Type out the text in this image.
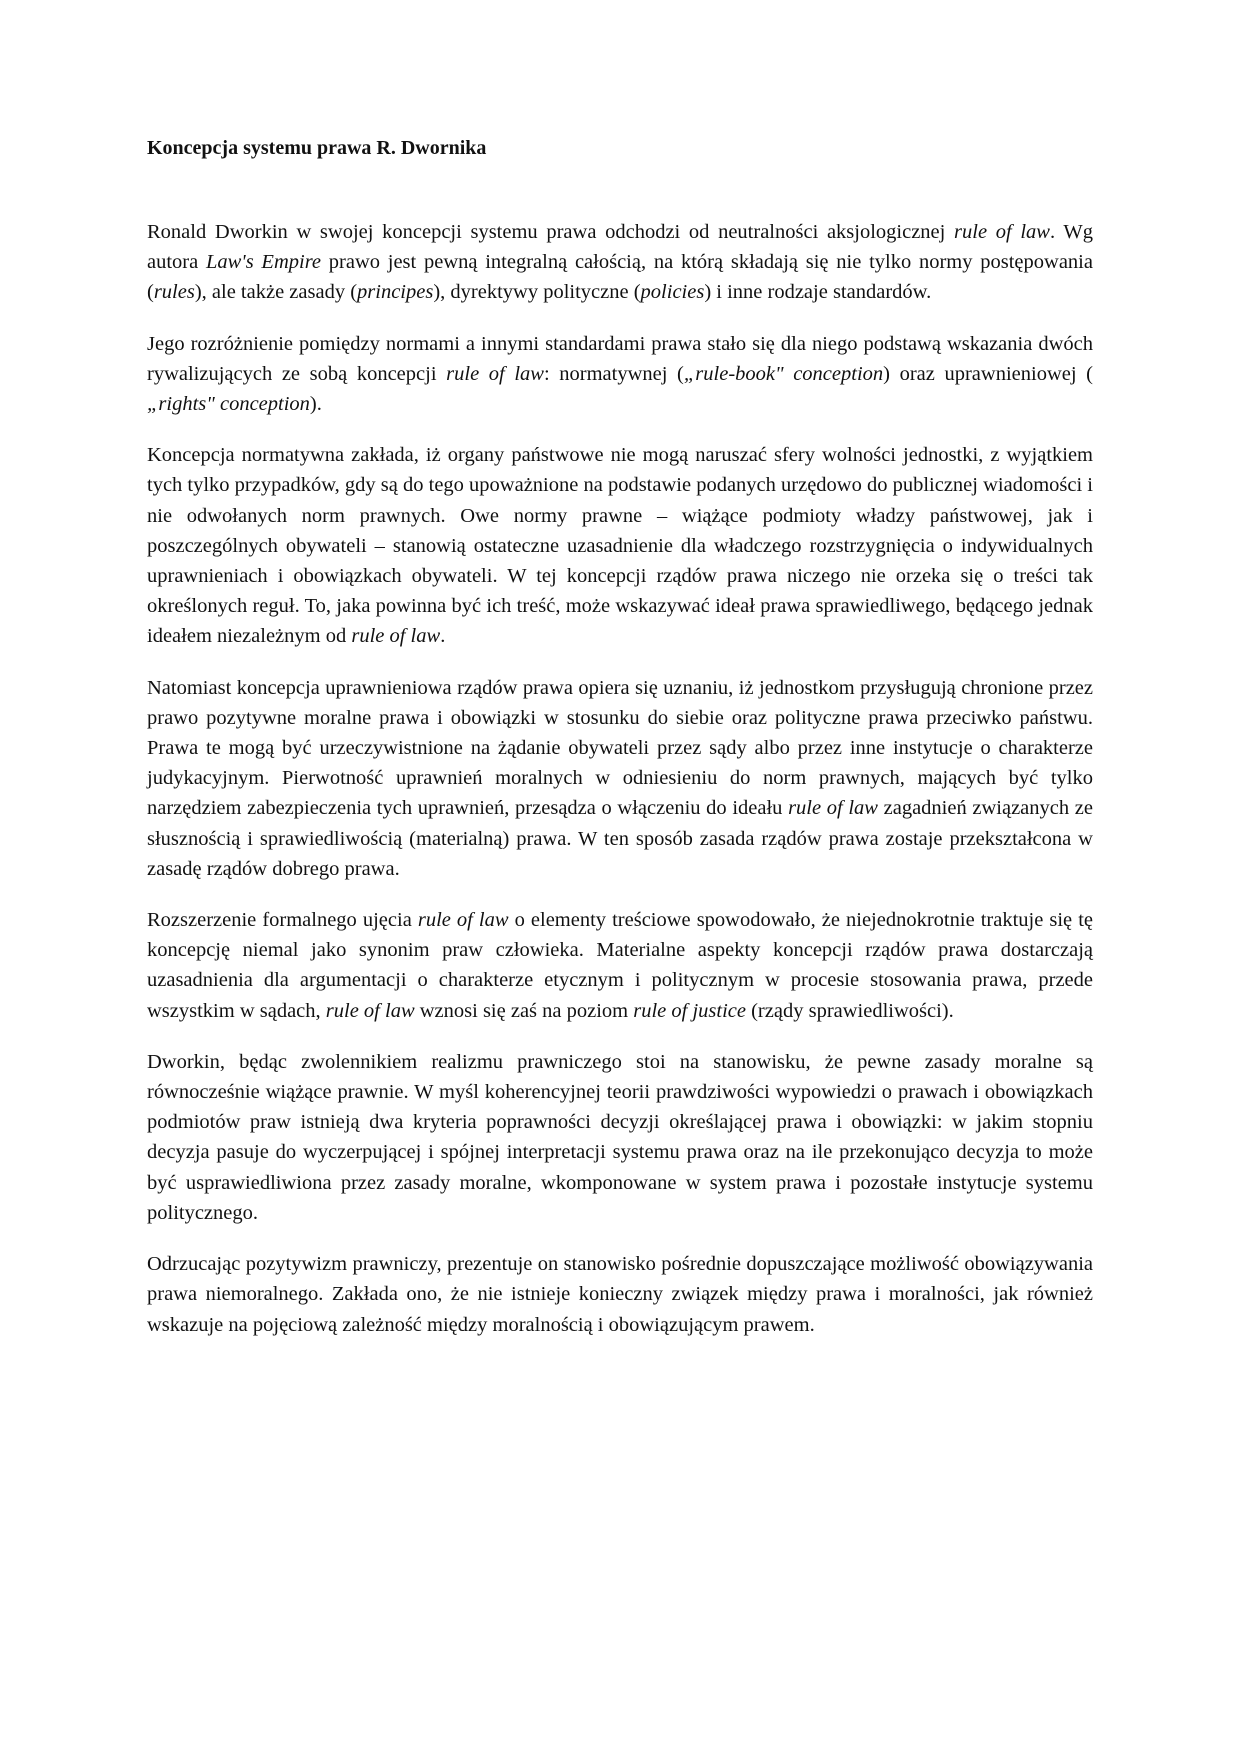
Koncepcja systemu prawa R. Dwornika

Ronald Dworkin w swojej koncepcji systemu prawa odchodzi od neutralności aksjologicznej rule of law. Wg autora Law's Empire prawo jest pewną integralną całością, na którą składają się nie tylko normy postępowania (rules), ale także zasady (principes), dyrektywy polityczne (policies) i inne rodzaje standardów.

Jego rozróżnienie pomiędzy normami a innymi standardami prawa stało się dla niego podstawą wskazania dwóch rywalizujących ze sobą koncepcji rule of law: normatywnej („rule-book" conception) oraz uprawnieniowej ( „rights" conception).

Koncepcja normatywna zakłada, iż organy państwowe nie mogą naruszać sfery wolności jednostki, z wyjątkiem tych tylko przypadków, gdy są do tego upoważnione na podstawie podanych urzędowo do publicznej wiadomości i nie odwołanych norm prawnych. Owe normy prawne – wiążące podmioty władzy państwowej, jak i poszczególnych obywateli – stanowią ostateczne uzasadnienie dla władczego rozstrzygnięcia o indywidualnych uprawnieniach i obowiązkach obywateli. W tej koncepcji rządów prawa niczego nie orzeka się o treści tak określonych reguł. To, jaka powinna być ich treść, może wskazywać ideał prawa sprawiedliwego, będącego jednak ideałem niezależnym od rule of law.

Natomiast koncepcja uprawnieniowa rządów prawa opiera się uznaniu, iż jednostkom przysługują chronione przez prawo pozytywne moralne prawa i obowiązki w stosunku do siebie oraz polityczne prawa przeciwko państwu. Prawa te mogą być urzeczywistnione na żądanie obywateli przez sądy albo przez inne instytucje o charakterze judykacyjnym. Pierwotność uprawnień moralnych w odniesieniu do norm prawnych, mających być tylko narzędziem zabezpieczenia tych uprawnień, przesądza o włączeniu do ideału rule of law zagadnień związanych ze słusznością i sprawiedliwością (materialną) prawa. W ten sposób zasada rządów prawa zostaje przekształcona w zasadę rządów dobrego prawa.

Rozszerzenie formalnego ujęcia rule of law o elementy treściowe spowodowało, że niejednokrotnie traktuje się tę koncepcję niemal jako synonim praw człowieka. Materialne aspekty koncepcji rządów prawa dostarczają uzasadnienia dla argumentacji o charakterze etycznym i politycznym w procesie stosowania prawa, przede wszystkim w sądach, rule of law wznosi się zaś na poziom rule of justice (rządy sprawiedliwości).

Dworkin, będąc zwolennikiem realizmu prawniczego stoi na stanowisku, że pewne zasady moralne są równocześnie wiążące prawnie. W myśl koherencyjnej teorii prawdziwości wypowiedzi o prawach i obowiązkach podmiotów praw istnieją dwa kryteria poprawności decyzji określającej prawa i obowiązki: w jakim stopniu decyzja pasuje do wyczerpującej i spójnej interpretacji systemu prawa oraz na ile przekonująco decyzja to może być usprawiedliwiona przez zasady moralne, wkomponowane w system prawa i pozostałe instytucje systemu politycznego.

Odrzucając pozytywizm prawniczy, prezentuje on stanowisko pośrednie dopuszczające możliwość obowiązywania prawa niemoralnego. Zakłada ono, że nie istnieje konieczny związek między prawa i moralności, jak również wskazuje na pojęciową zależność między moralnością i obowiązującym prawem.
